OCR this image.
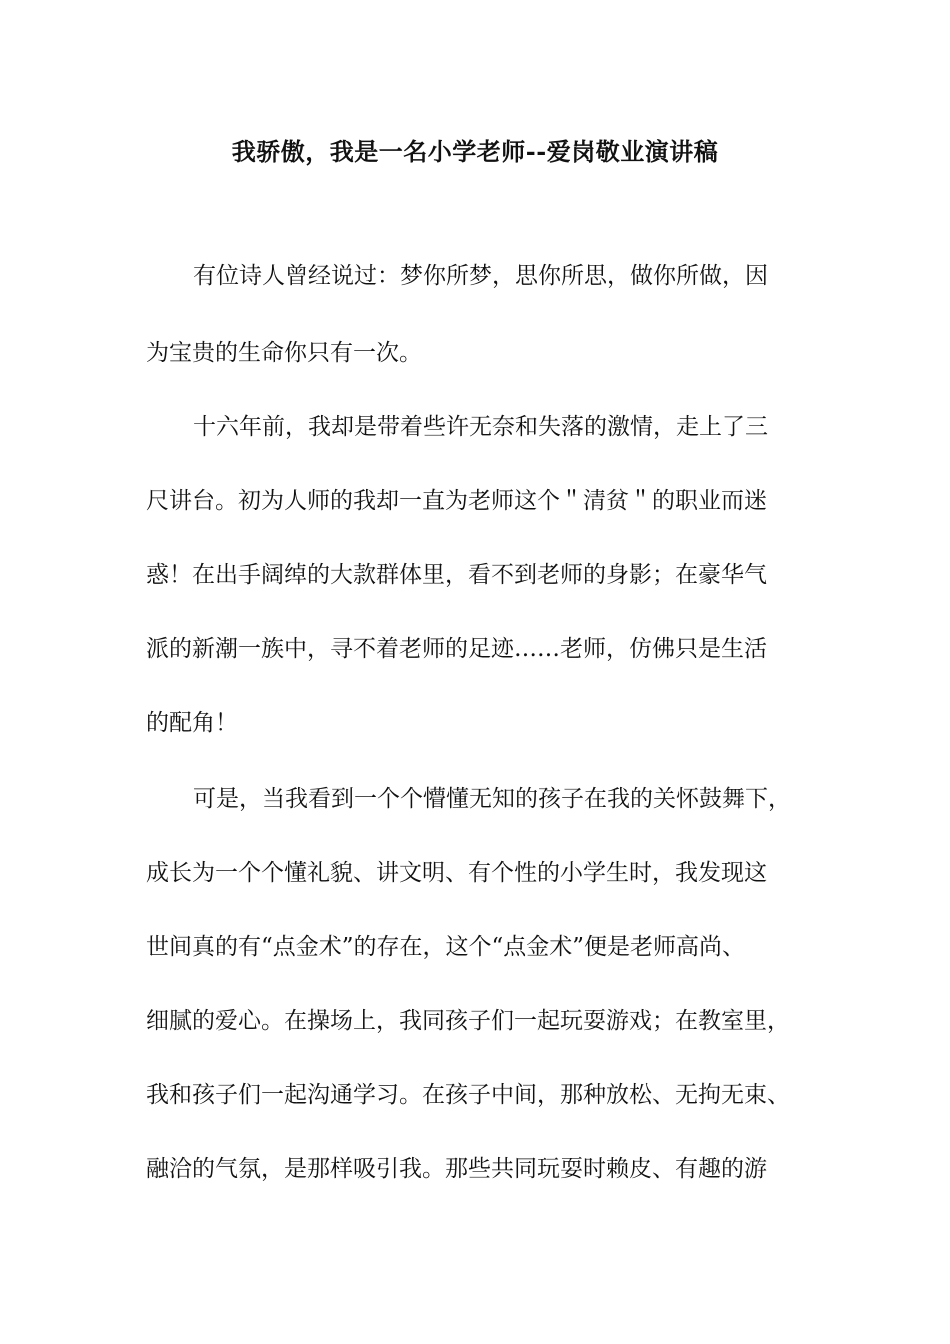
我骄傲，我是一名小学老师--爱岗敬业演讲稿

有位诗人曾经说过：梦你所梦，思你所思，做你所做，因

为宝贵的生命你只有一次。

十六年前，我却是带着些许无奈和失落的激情，走上了三

尺讲台。初为人师的我却一直为老师这个＂清贫＂的职业而迷

惑！在出手阔绰的大款群体里，看不到老师的身影；在豪华气

派的新潮一族中，寻不着老师的足迹……老师，仿佛只是生活

的配角！

可是，当我看到一个个懵懂无知的孩子在我的关怀鼓舞下，

成长为一个个懂礼貌、讲文明、有个性的小学生时，我发现这

世间真的有“点金术”的存在，这个“点金术”便是老师高尚、

细腻的爱心。在操场上，我同孩子们一起玩耍游戏；在教室里，

我和孩子们一起沟通学习。在孩子中间，那种放松、无拘无束、

融洽的气氛，是那样吸引我。那些共同玩耍时赖皮、有趣的游
